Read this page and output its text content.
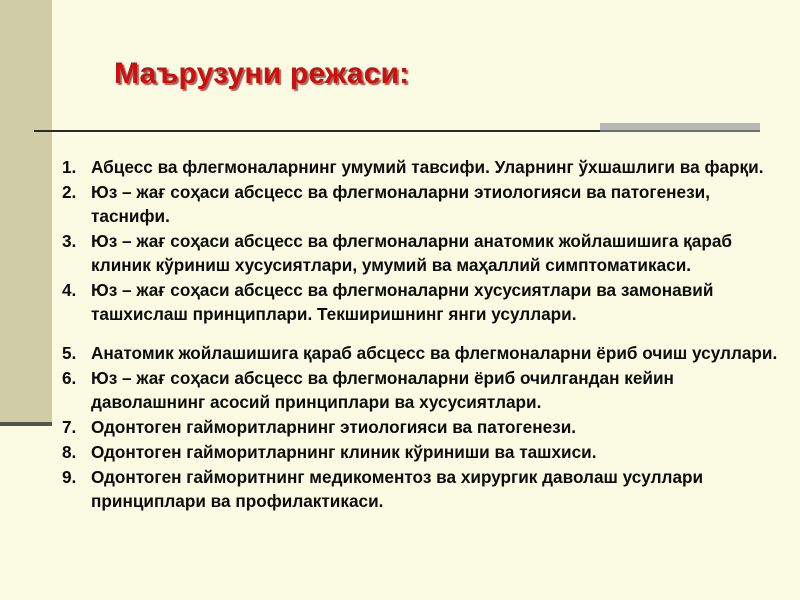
Маърузуни режаси:
1. Абцесс ва флегмоналарнинг умумий тавсифи. Уларнинг ўхшашлиги ва фарқи.
2. Юз – жағ соҳаси абсцесс ва флегмоналарни этиологияси ва патогенези, таснифи.
3. Юз – жағ соҳаси абсцесс ва флегмоналарни анатомик жойлашишига қараб клиник кўриниш хусусиятлари, умумий ва маҳаллий симптоматикаси.
4. Юз – жағ соҳаси абсцесс ва флегмоналарни хусусиятлари ва замонавий ташхислаш принциплари. Текширишнинг янги усуллари.
5. Анатомик жойлашишига қараб абсцесс ва флегмоналарни ёриб очиш усуллари.
6. Юз – жағ соҳаси абсцесс ва флегмоналарни ёриб очилгандан кейин даволашнинг асосий принциплари ва хусусиятлари.
7. Одонтоген гайморитларнинг этиологияси ва патогенези.
8. Одонтоген гайморитларнинг клиник кўриниши ва ташхиси.
9. Одонтоген гайморитнинг медикоментоз ва хирургик даволаш усуллари принциплари ва профилактикаси.
